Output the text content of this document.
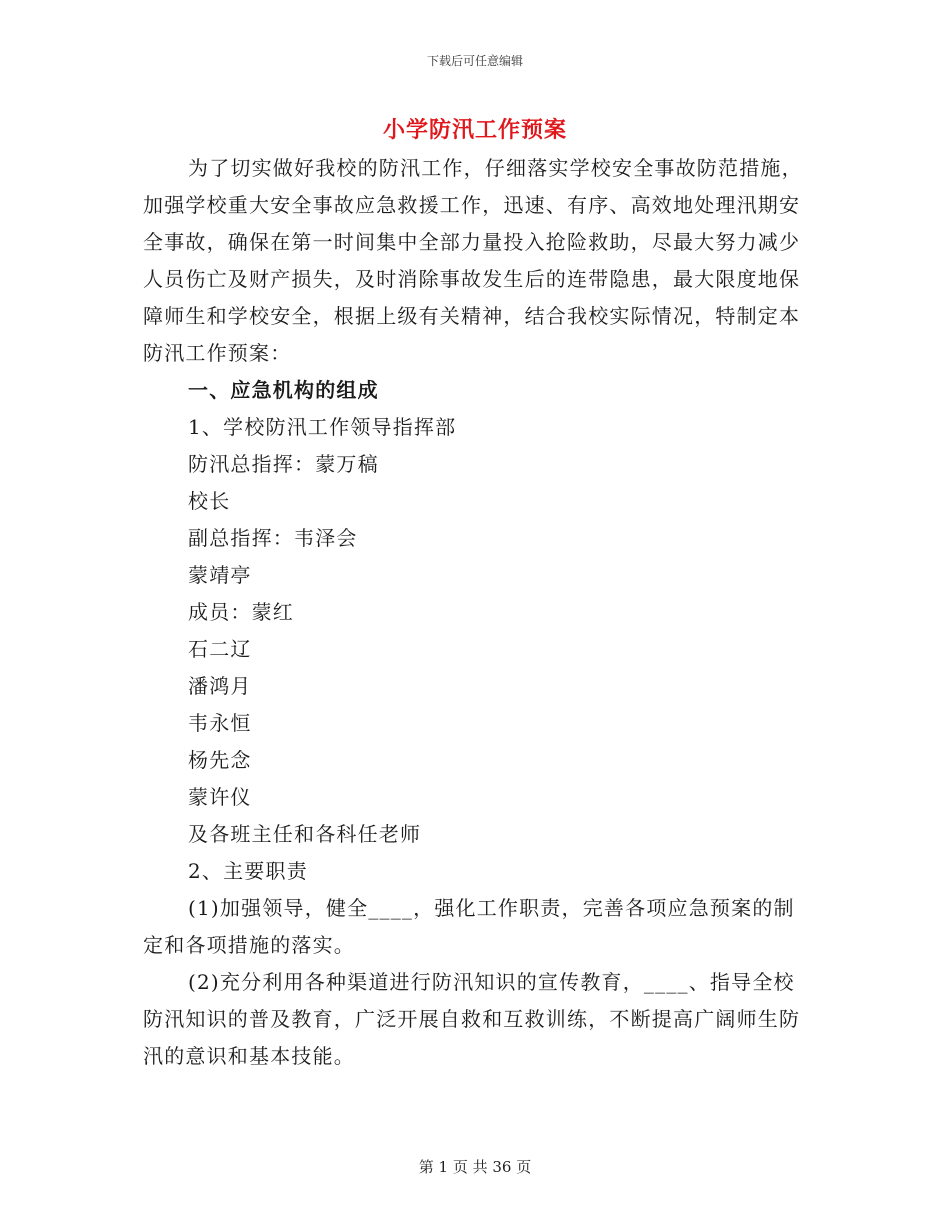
下载后可任意编辑
小学防汛工作预案

为了切实做好我校的防汛工作，仔细落实学校安全事故防范措施，加强学校重大安全事故应急救援工作，迅速、有序、高效地处理汛期安全事故，确保在第一时间集中全部力量投入抢险救助，尽最大努力减少人员伤亡及财产损失，及时消除事故发生后的连带隐患，最大限度地保障师生和学校安全，根据上级有关精神，结合我校实际情况，特制定本防汛工作预案：

一、应急机构的组成

1、学校防汛工作领导指挥部

防汛总指挥：蒙万稿

校长

副总指挥：韦泽会

蒙靖亭

成员：蒙红

石二辽

潘鸿月

韦永恒

杨先念

蒙许仪

及各班主任和各科任老师

2、主要职责

(1)加强领导，健全____，强化工作职责，完善各项应急预案的制定和各项措施的落实。

(2)充分利用各种渠道进行防汛知识的宣传教育，____、指导全校防汛知识的普及教育，广泛开展自救和互救训练，不断提高广阔师生防汛的意识和基本技能。

第 1 页 共 36 页
